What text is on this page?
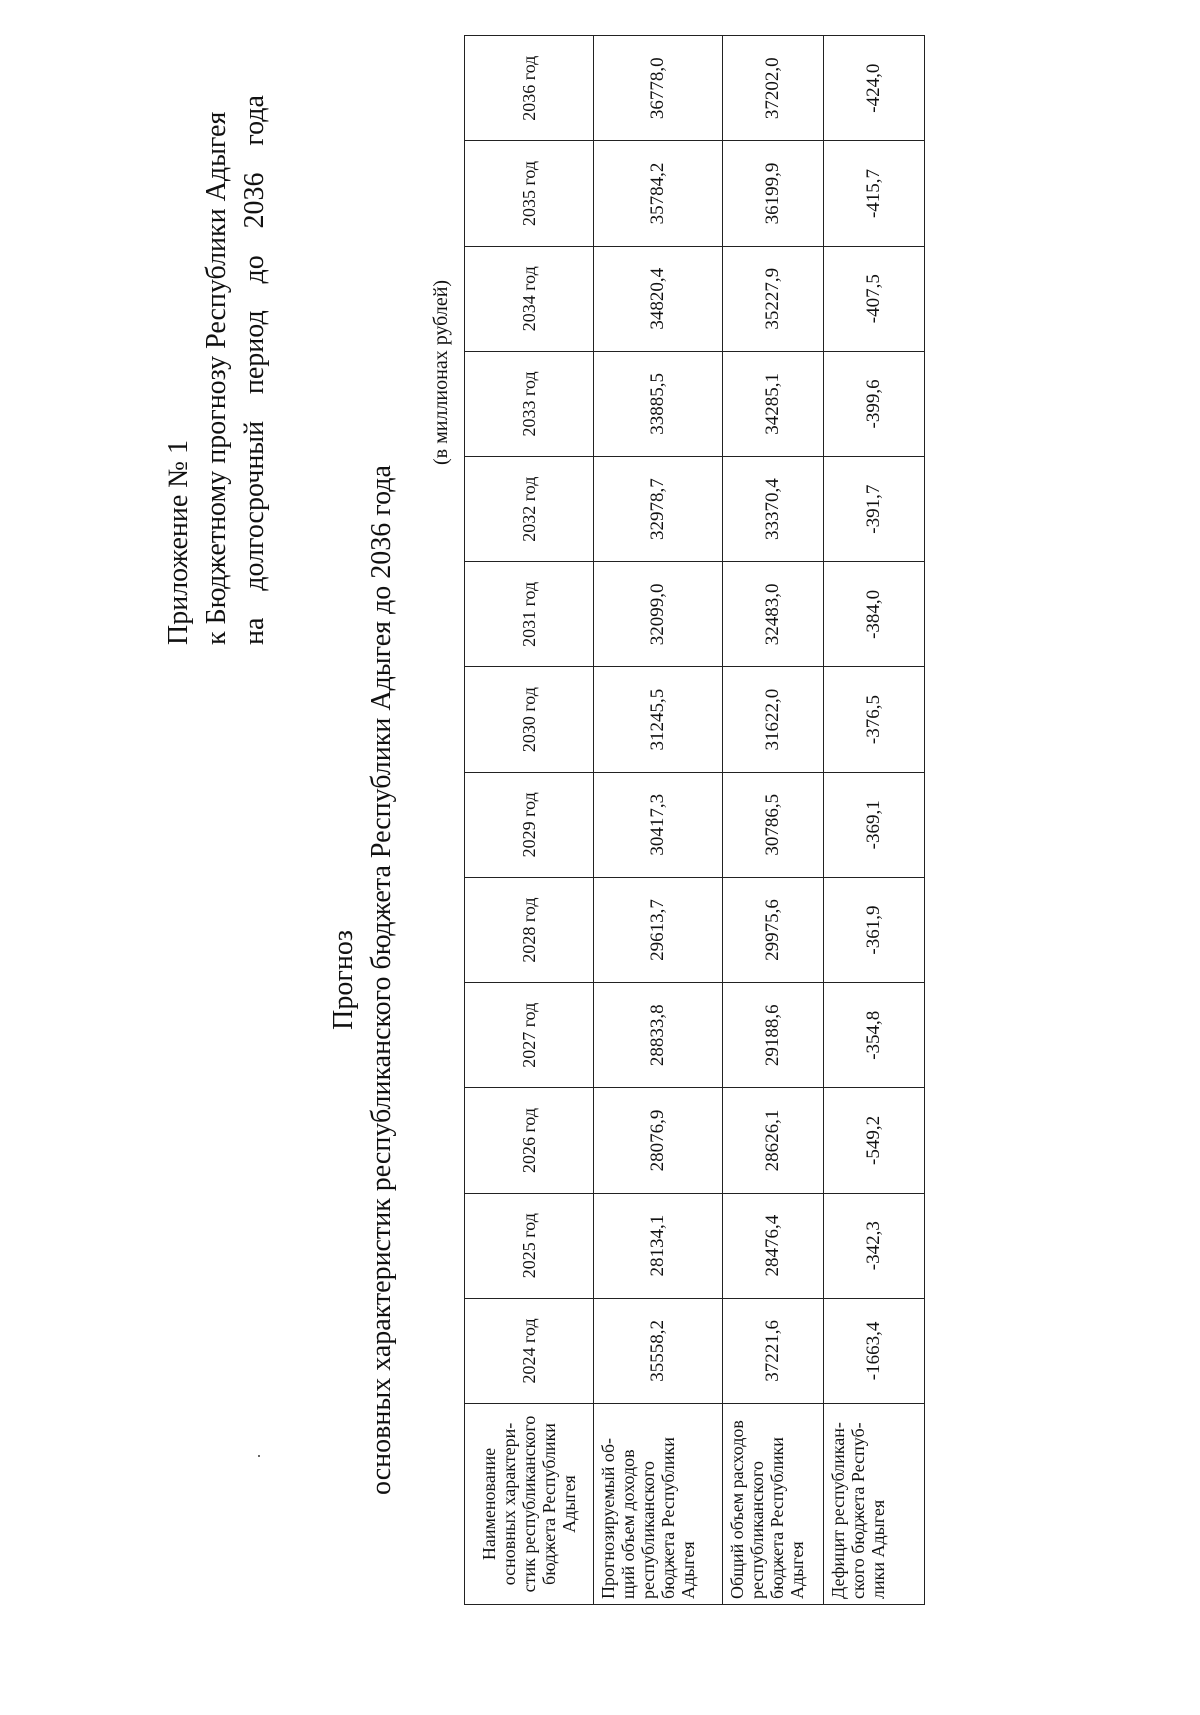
Приложение № 1 к Бюджетному прогнозу Республики Адыгея на
долгосрочный
период
до
2036
года
Прогноз основных характеристик республиканского бюджета Республики Адыгея до 2036 года
(в миллионах рублей)
Наименование основных характери-стик республиканского бюджета Республики Адыгея	2024 год	2025 год	2026 год	2027 год	2028 год	2029 год	2030 год	2031 год	2032 год	2033 год	2034 год	2035 год	2036 год
Прогнозируемый об-щий объем доходов республиканского бюджета Республики Адыгея	35558,2	28134,1	28076,9	28833,8	29613,7	30417,3	31245,5	32099,0	32978,7	33885,5	34820,4	35784,2	36778,0
Общий объем расходов республиканского бюджета Республики Адыгея	37221,6	28476,4	28626,1	29188,6	29975,6	30786,5	31622,0	32483,0	33370,4	34285,1	35227,9	36199,9	37202,0
Дефицит республикан-ского бюджета Респуб-лики Адыгея	-1663,4	-342,3	-549,2	-354,8	-361,9	-369,1	-376,5	-384,0	-391,7	-399,6	-407,5	-415,7	-424,0
